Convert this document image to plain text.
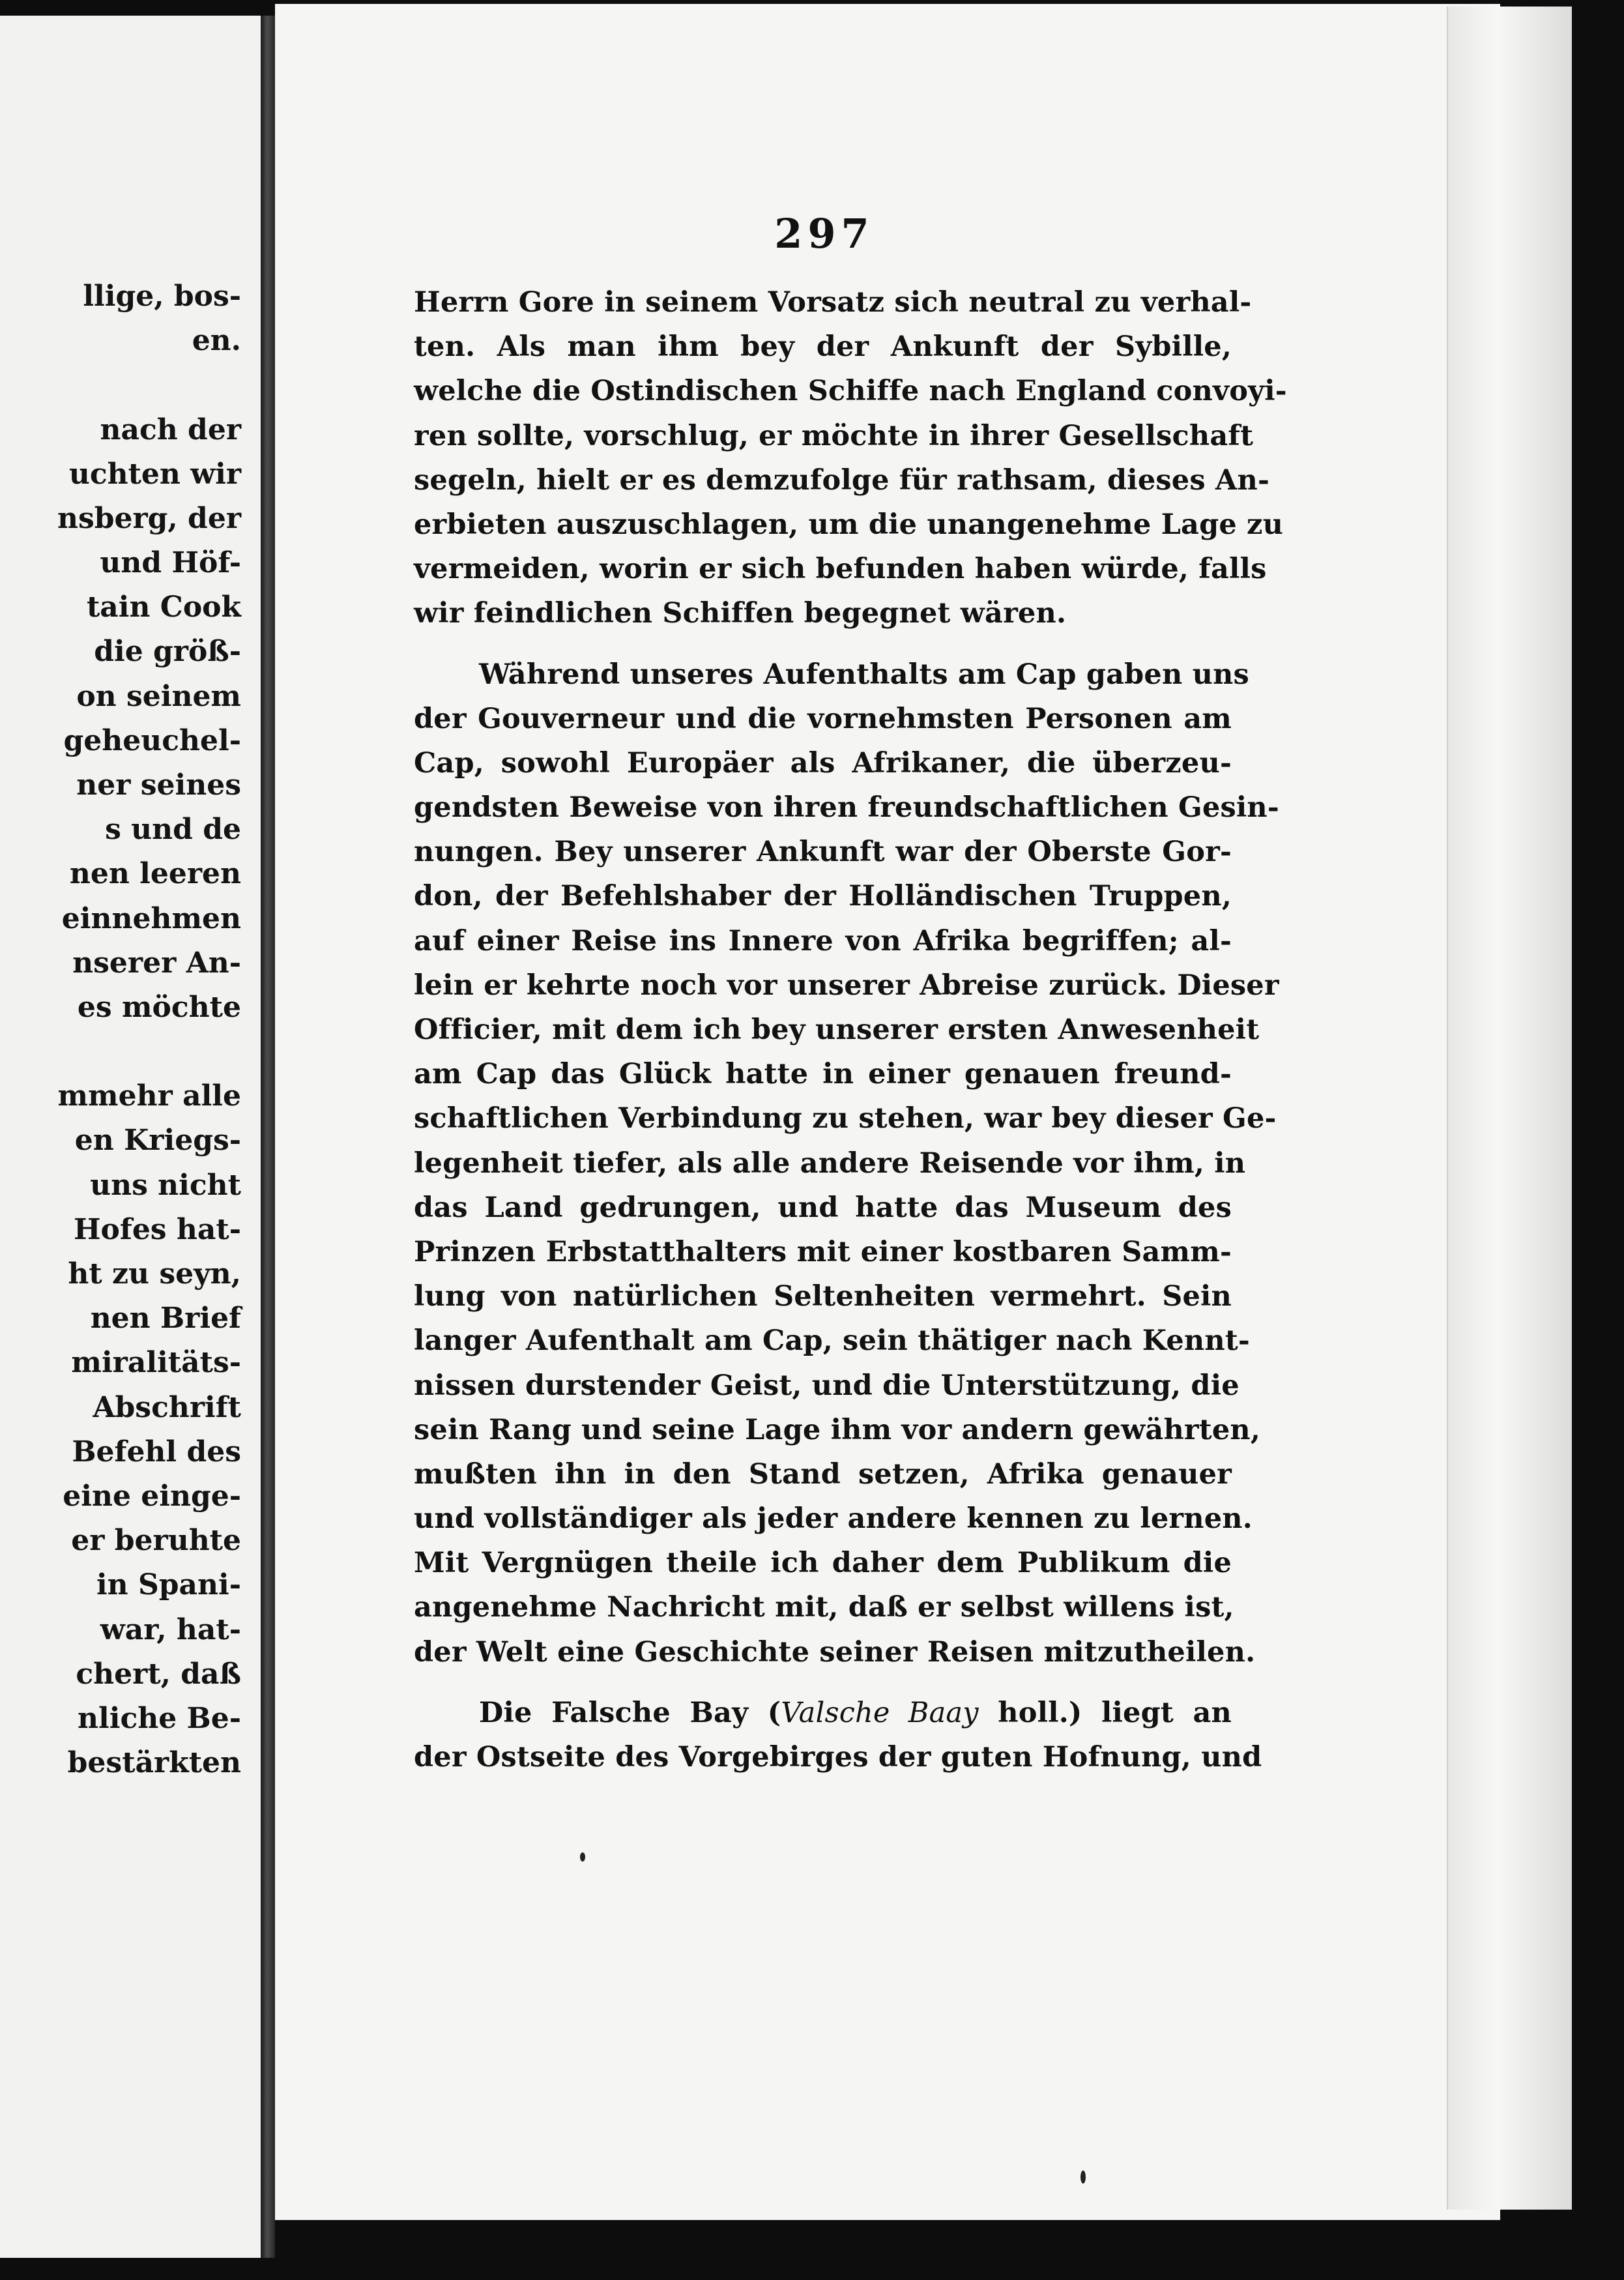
llige, bos-
en.
nach der
uchten wir
nsberg, der
und Höf-
tain Cook
die größ-
on seinem
geheuchel-
ner seines
s und de
nen leeren
einnehmen
nserer An-
es möchte
mmehr alle
en Kriegs-
uns nicht
Hofes hat-
ht zu seyn,
nen Brief
miralitäts-
Abschrift
Befehl des
eine einge-
er beruhte
in Spani-
war, hat-
chert, daß
nliche Be-
bestärkten
297
Herrn Gore in seinem Vorsatz sich neutral zu verhal-
ten. Als man ihm bey der Ankunft der Sybille,
welche die Ostindischen Schiffe nach England convoyi-
ren sollte, vorschlug, er möchte in ihrer Gesellschaft
segeln, hielt er es demzufolge für rathsam, dieses An-
erbieten auszuschlagen, um die unangenehme Lage zu
vermeiden, worin er sich befunden haben würde, falls
wir feindlichen Schiffen begegnet wären.
Während unseres Aufenthalts am Cap gaben uns
der Gouverneur und die vornehmsten Personen am
Cap, sowohl Europäer als Afrikaner, die überzeu-
gendsten Beweise von ihren freundschaftlichen Gesin-
nungen. Bey unserer Ankunft war der Oberste Gor-
don, der Befehlshaber der Holländischen Truppen,
auf einer Reise ins Innere von Afrika begriffen; al-
lein er kehrte noch vor unserer Abreise zurück. Dieser
Officier, mit dem ich bey unserer ersten Anwesenheit
am Cap das Glück hatte in einer genauen freund-
schaftlichen Verbindung zu stehen, war bey dieser Ge-
legenheit tiefer, als alle andere Reisende vor ihm, in
das Land gedrungen, und hatte das Museum des
Prinzen Erbstatthalters mit einer kostbaren Samm-
lung von natürlichen Seltenheiten vermehrt. Sein
langer Aufenthalt am Cap, sein thätiger nach Kennt-
nissen durstender Geist, und die Unterstützung, die
sein Rang und seine Lage ihm vor andern gewährten,
mußten ihn in den Stand setzen, Afrika genauer
und vollständiger als jeder andere kennen zu lernen.
Mit Vergnügen theile ich daher dem Publikum die
angenehme Nachricht mit, daß er selbst willens ist,
der Welt eine Geschichte seiner Reisen mitzutheilen.
Die Falsche Bay (Valsche Baay holl.) liegt an
der Ostseite des Vorgebirges der guten Hofnung, und
